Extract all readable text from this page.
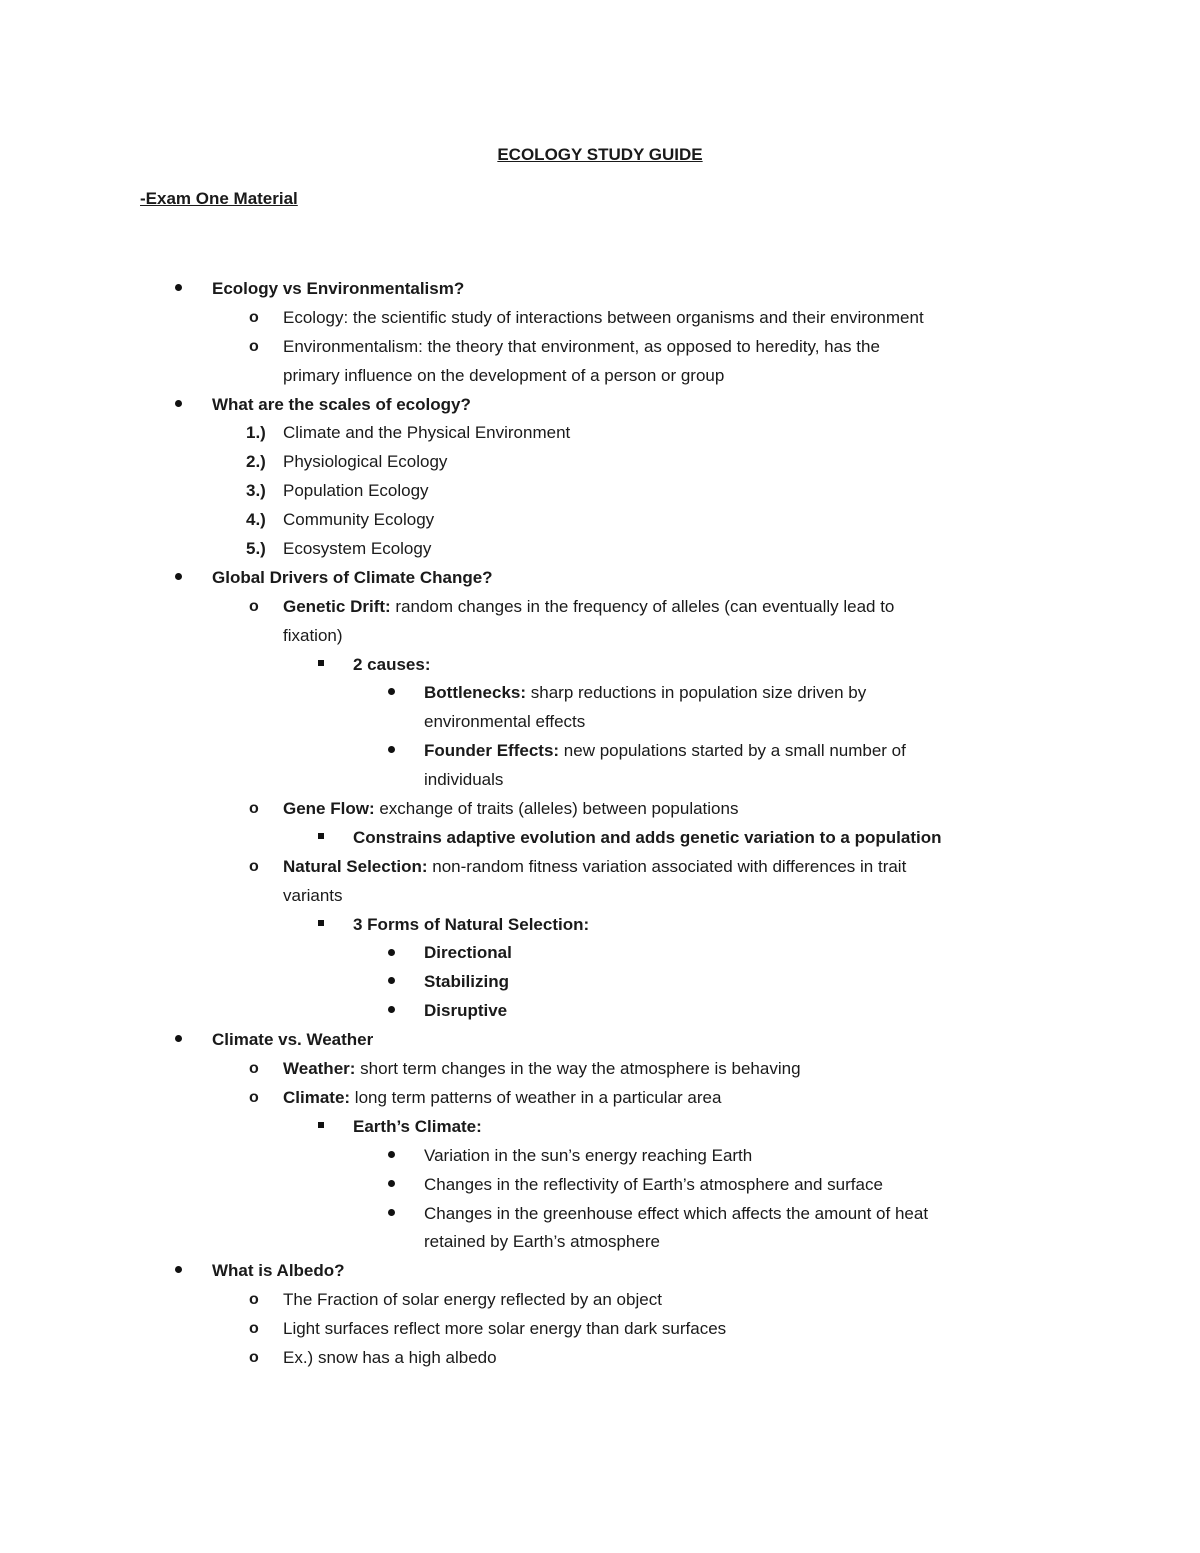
ECOLOGY STUDY GUIDE
-Exam One Material
Ecology vs Environmentalism?
o Ecology: the scientific study of interactions between organisms and their environment
o Environmentalism: the theory that environment, as opposed to heredity, has the
primary influence on the development of a person or group
What are the scales of ecology?
1.) Climate and the Physical Environment
2.) Physiological Ecology
3.) Population Ecology
4.) Community Ecology
5.) Ecosystem Ecology
Global Drivers of Climate Change?
o Genetic Drift: random changes in the frequency of alleles (can eventually lead to
fixation)
2 causes:
Bottlenecks: sharp reductions in population size driven by
environmental effects
Founder Effects: new populations started by a small number of
individuals
o Gene Flow: exchange of traits (alleles) between populations
Constrains adaptive evolution and adds genetic variation to a population
o Natural Selection: non-random fitness variation associated with differences in trait
variants
3 Forms of Natural Selection:
Directional
Stabilizing
Disruptive
Climate vs. Weather
o Weather: short term changes in the way the atmosphere is behaving
o Climate: long term patterns of weather in a particular area
Earth’s Climate:
Variation in the sun’s energy reaching Earth
Changes in the reflectivity of Earth’s atmosphere and surface
Changes in the greenhouse effect which affects the amount of heat
retained by Earth’s atmosphere
What is Albedo?
o The Fraction of solar energy reflected by an object
o Light surfaces reflect more solar energy than dark surfaces
o Ex.) snow has a high albedo
